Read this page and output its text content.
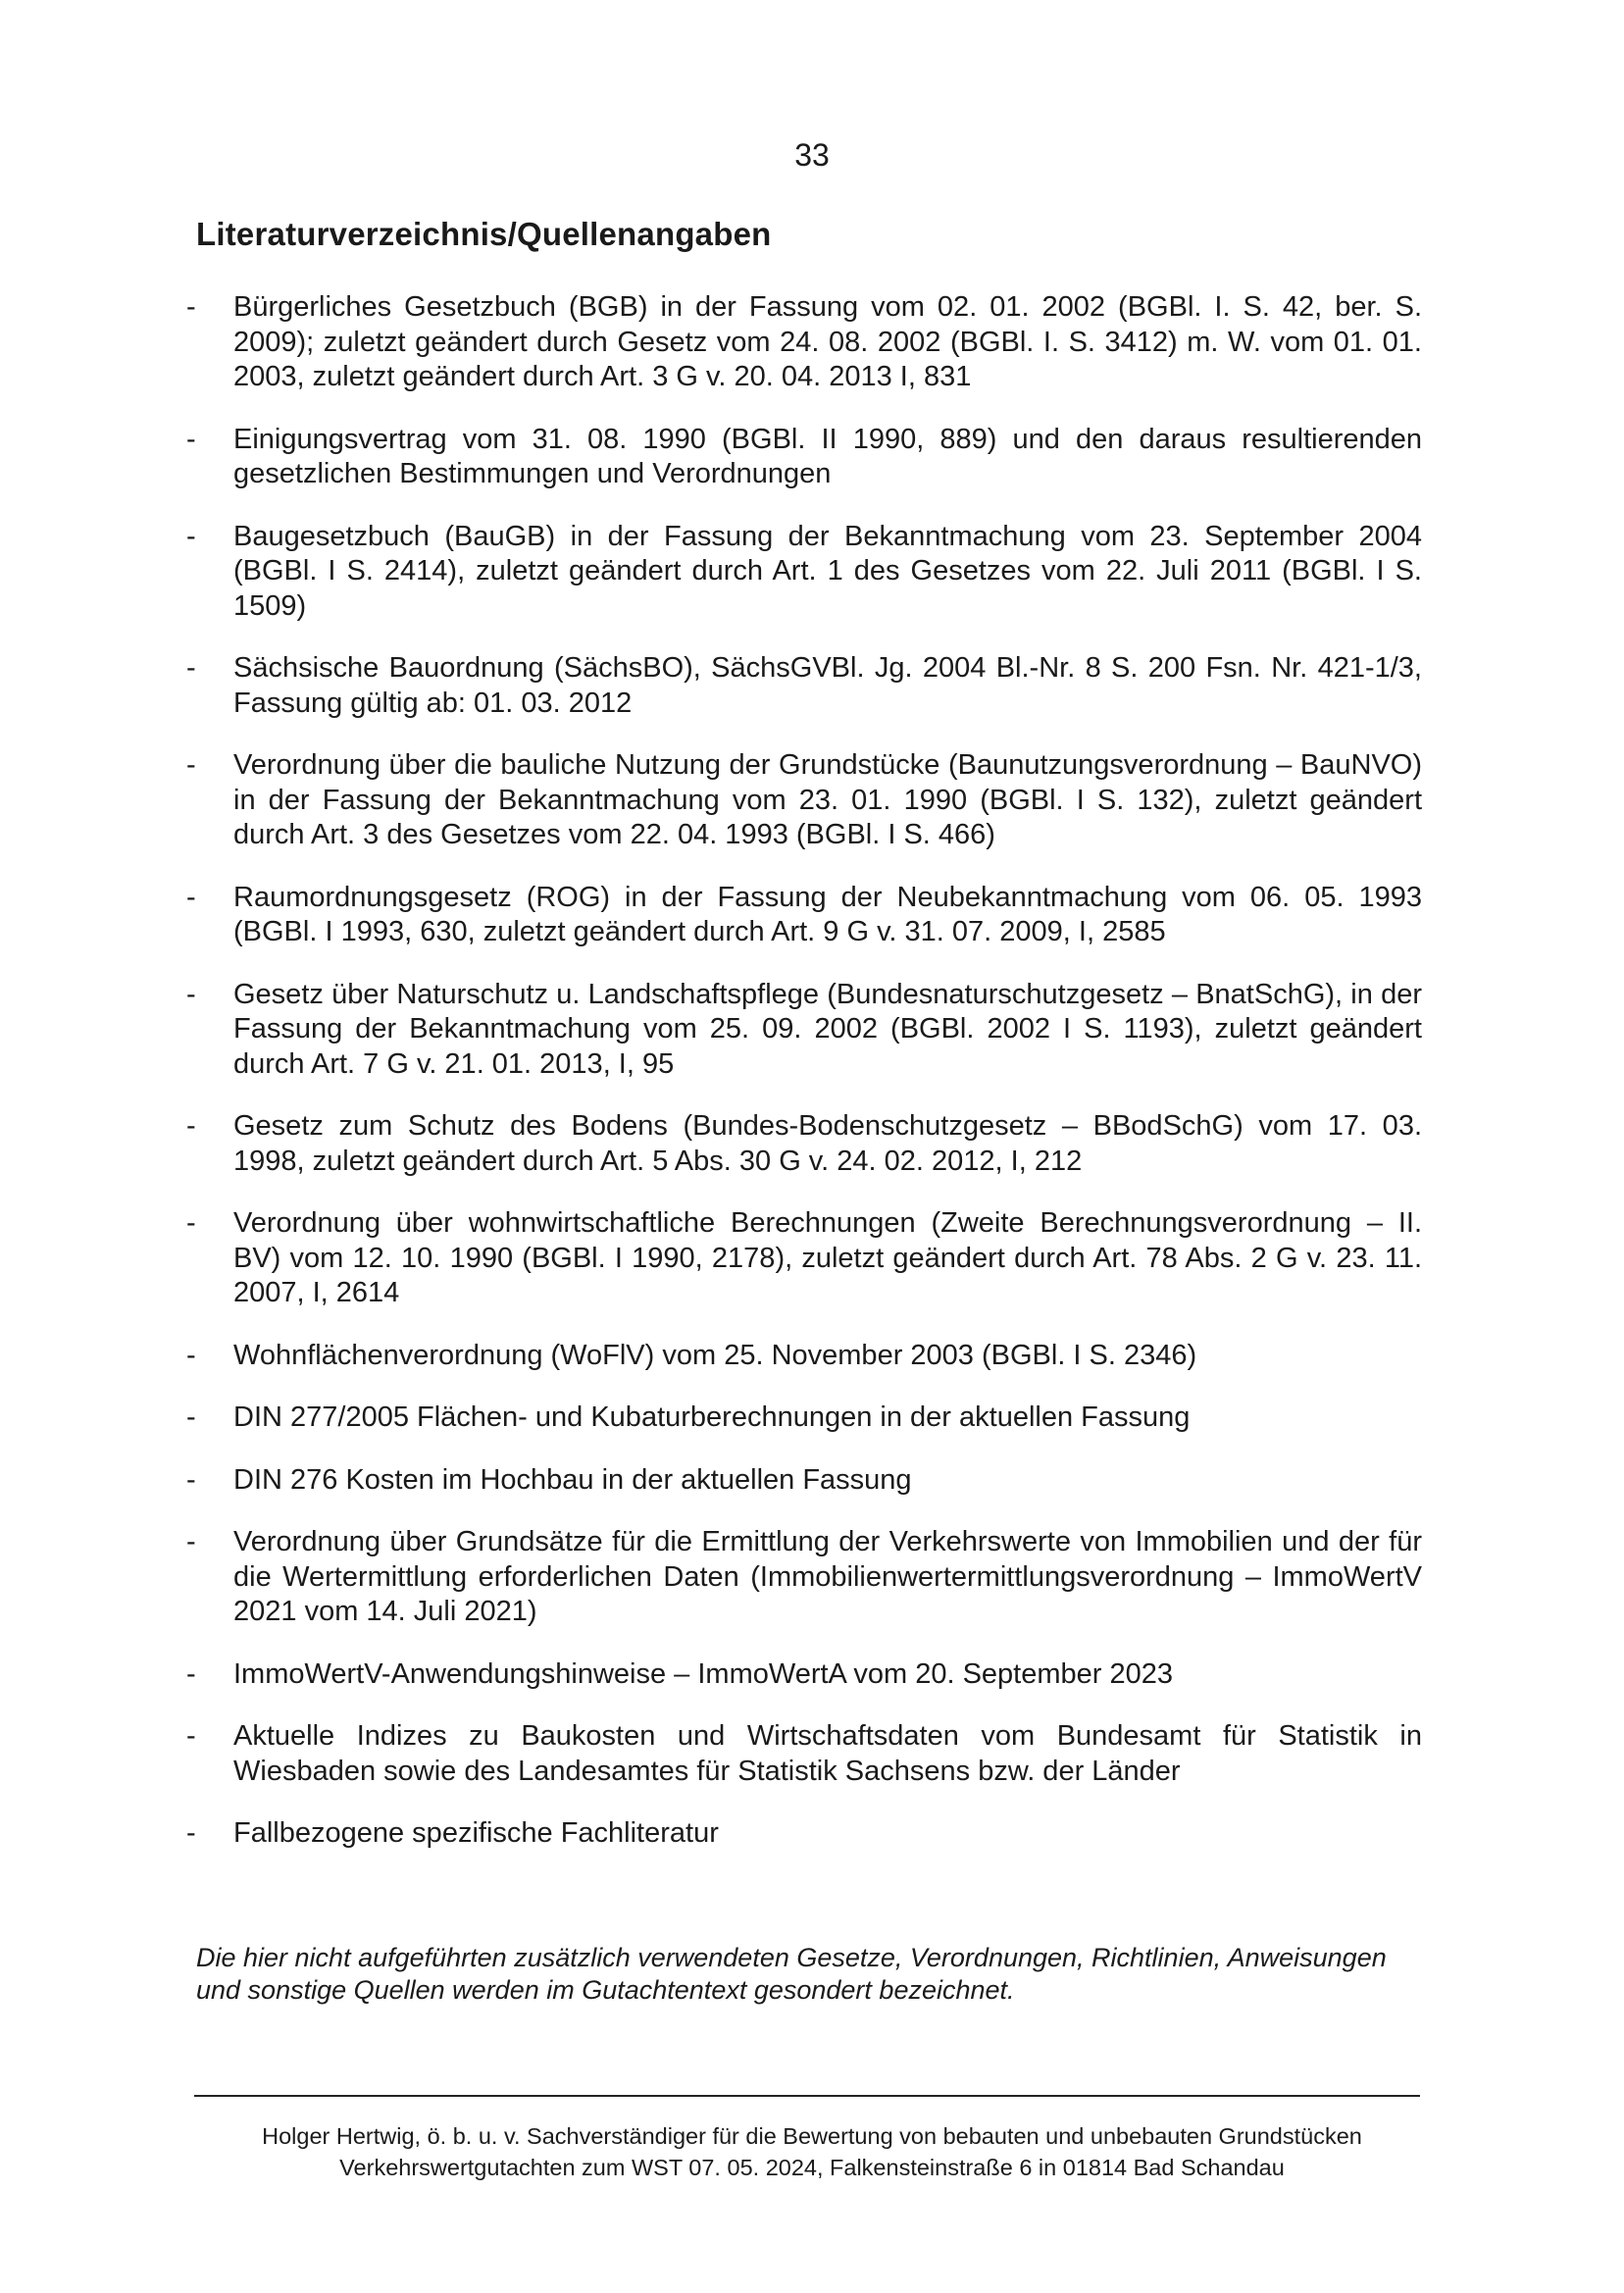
33
Literaturverzeichnis/Quellenangaben
- Bürgerliches Gesetzbuch (BGB) in der Fassung vom 02. 01. 2002 (BGBl. I. S. 42, ber. S. 2009); zuletzt geändert durch Gesetz vom 24. 08. 2002 (BGBl. I. S. 3412) m. W. vom 01. 01. 2003, zuletzt geändert durch Art. 3 G v. 20. 04. 2013 I, 831
- Einigungsvertrag vom 31. 08. 1990 (BGBl. II 1990, 889) und den daraus resultierenden gesetzlichen Bestimmungen und Verordnungen
- Baugesetzbuch (BauGB) in der Fassung der Bekanntmachung vom 23. September 2004 (BGBl. I S. 2414), zuletzt geändert durch Art. 1 des Gesetzes vom 22. Juli 2011 (BGBl. I S. 1509)
- Sächsische Bauordnung (SächsBO), SächsGVBl. Jg. 2004 Bl.-Nr. 8 S. 200 Fsn. Nr. 421-1/3, Fassung gültig ab: 01. 03. 2012
- Verordnung über die bauliche Nutzung der Grundstücke (Baunutzungsverordnung – BauNVO) in der Fassung der Bekanntmachung vom 23. 01. 1990 (BGBl. I S. 132), zuletzt geändert durch Art. 3 des Gesetzes vom 22. 04. 1993 (BGBl. I S. 466)
- Raumordnungsgesetz (ROG) in der Fassung der Neubekanntmachung vom 06. 05. 1993 (BGBl. I 1993, 630, zuletzt geändert durch Art. 9 G v. 31. 07. 2009, I, 2585
- Gesetz über Naturschutz u. Landschaftspflege (Bundesnaturschutzgesetz – BnatSchG), in der Fassung der Bekanntmachung vom 25. 09. 2002 (BGBl. 2002 I S. 1193), zuletzt geändert durch Art. 7 G v. 21. 01. 2013, I, 95
- Gesetz zum Schutz des Bodens (Bundes-Bodenschutzgesetz – BBodSchG) vom 17. 03. 1998, zuletzt geändert durch Art. 5 Abs. 30 G v. 24. 02. 2012, I, 212
- Verordnung über wohnwirtschaftliche Berechnungen (Zweite Berechnungsverordnung – II. BV) vom 12. 10. 1990 (BGBl. I 1990, 2178), zuletzt geändert durch Art. 78 Abs. 2 G v. 23. 11. 2007, I, 2614
- Wohnflächenverordnung (WoFlV) vom 25. November 2003 (BGBl. I S. 2346)
- DIN 277/2005 Flächen- und Kubaturberechnungen in der aktuellen Fassung
- DIN 276 Kosten im Hochbau in der aktuellen Fassung
- Verordnung über Grundsätze für die Ermittlung der Verkehrswerte von Immobilien und der für die Wertermittlung erforderlichen Daten (Immobilienwertermittlungsverordnung – ImmoWertV 2021 vom 14. Juli 2021)
- ImmoWertV-Anwendungshinweise – ImmoWertA vom 20. September 2023
- Aktuelle Indizes zu Baukosten und Wirtschaftsdaten vom Bundesamt für Statistik in Wiesbaden sowie des Landesamtes für Statistik Sachsens bzw. der Länder
- Fallbezogene spezifische Fachliteratur
Die hier nicht aufgeführten zusätzlich verwendeten Gesetze, Verordnungen, Richtlinien, Anweisungen und sonstige Quellen werden im Gutachtentext gesondert bezeichnet.
Holger Hertwig, ö. b. u. v. Sachverständiger für die Bewertung von bebauten und unbebauten Grundstücken
Verkehrswertgutachten zum WST 07. 05. 2024, Falkensteinstraße 6 in 01814 Bad Schandau
